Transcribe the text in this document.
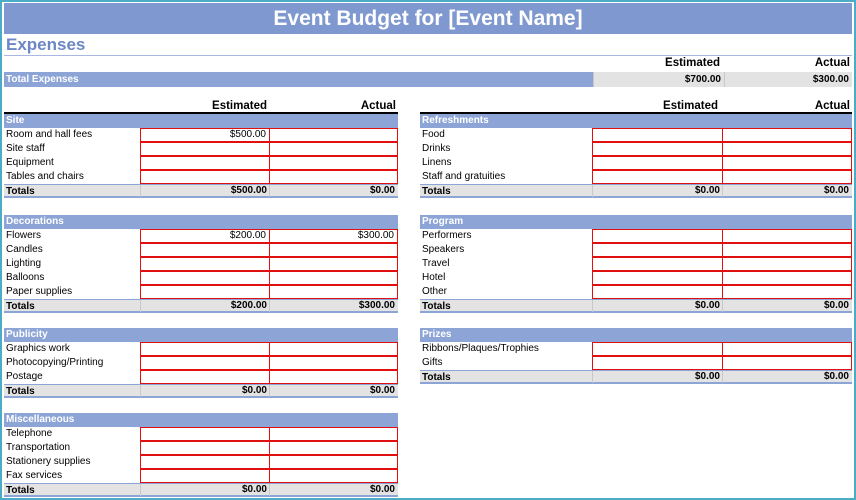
Event Budget for [Event Name]
Expenses
Estimated	Actual
Total Expenses	$700.00	$300.00
Estimated	Actual
Site
Room and hall fees	$500.00
Site staff
Equipment
Tables and chairs
Totals	$500.00	$0.00
Decorations
Flowers	$200.00	$300.00
Candles
Lighting
Balloons
Paper supplies
Totals	$200.00	$300.00
Publicity
Graphics work
Photocopying/Printing
Postage
Totals	$0.00	$0.00
Miscellaneous
Telephone
Transportation
Stationery supplies
Fax services
Totals	$0.00	$0.00
Estimated	Actual
Refreshments
Food
Drinks
Linens
Staff and gratuities
Totals	$0.00	$0.00
Program
Performers
Speakers
Travel
Hotel
Other
Totals	$0.00	$0.00
Prizes
Ribbons/Plaques/Trophies
Gifts
Totals	$0.00	$0.00
